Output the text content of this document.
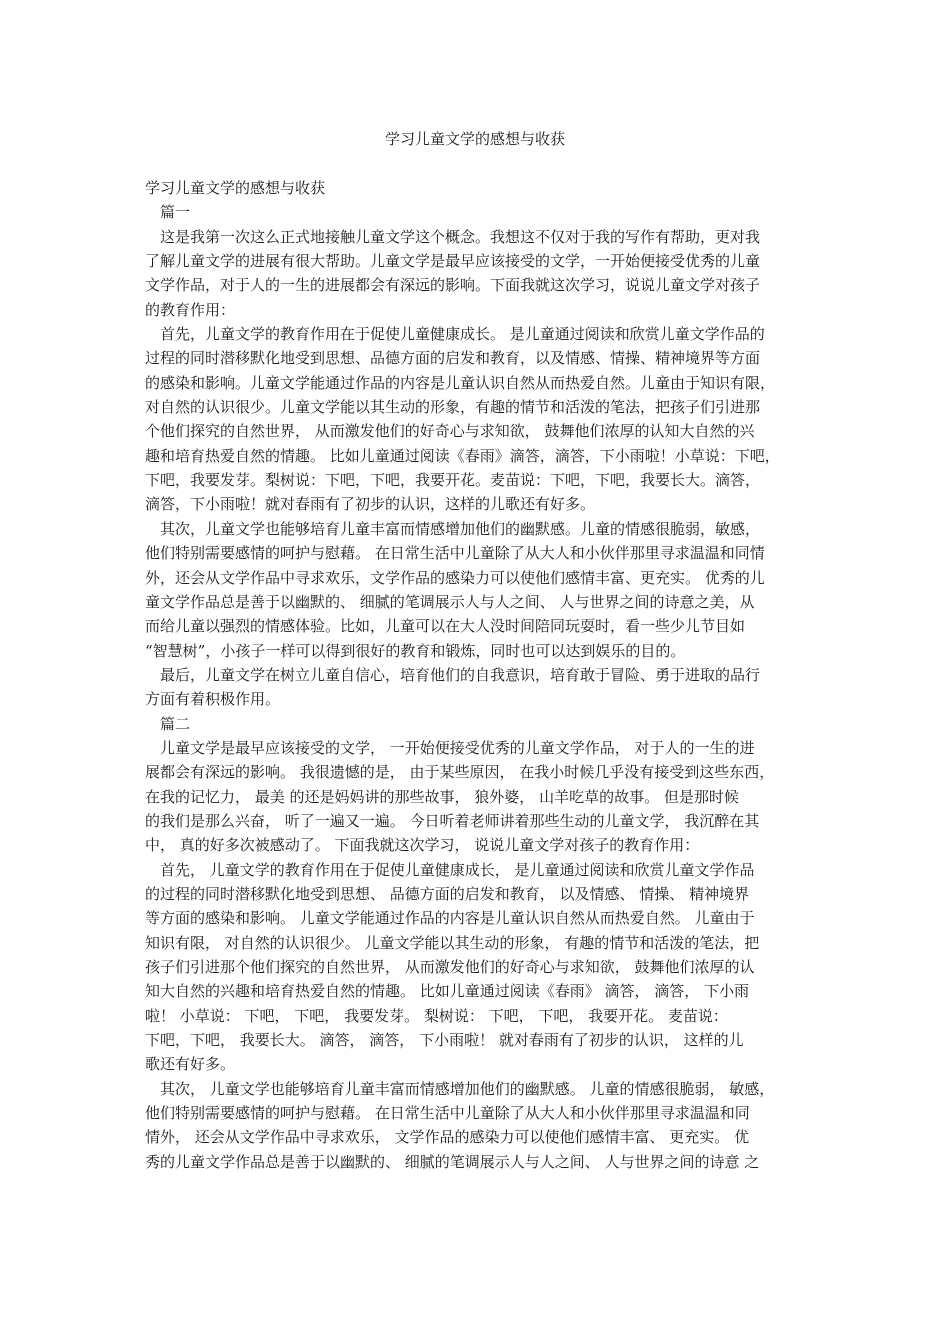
学习儿童文学的感想与收获
学习儿童文学的感想与收获
　篇一
　这是我第一次这么正式地接触儿童文学这个概念。我想这不仅对于我的写作有帮助，更对我
了解儿童文学的进展有很大帮助。儿童文学是最早应该接受的文学，一开始便接受优秀的儿童
文学作品，对于人的一生的进展都会有深远的影响。下面我就这次学习，说说儿童文学对孩子
的教育作用：
　首先，儿童文学的教育作用在于促使儿童健康成长。 是儿童通过阅读和欣赏儿童文学作品的
过程的同时潜移默化地受到思想、品德方面的启发和教育，以及情感、情操、精神境界等方面
的感染和影响。儿童文学能通过作品的内容是儿童认识自然从而热爱自然。儿童由于知识有限，
对自然的认识很少。儿童文学能以其生动的形象，有趣的情节和活泼的笔法，把孩子们引进那
个他们探究的自然世界， 从而激发他们的好奇心与求知欲， 鼓舞他们浓厚的认知大自然的兴
趣和培育热爱自然的情趣。 比如儿童通过阅读《春雨》滴答，滴答，下小雨啦！小草说：下吧，
下吧，我要发芽。梨树说：下吧，下吧，我要开花。麦苗说：下吧，下吧，我要长大。滴答，
滴答，下小雨啦！就对春雨有了初步的认识，这样的儿歌还有好多。
　其次，儿童文学也能够培育儿童丰富而情感增加他们的幽默感。儿童的情感很脆弱，敏感，
他们特别需要感情的呵护与慰藉。 在日常生活中儿童除了从大人和小伙伴那里寻求温温和同情
外，还会从文学作品中寻求欢乐，文学作品的感染力可以使他们感情丰富、更充实。 优秀的儿
童文学作品总是善于以幽默的、 细腻的笔调展示人与人之间、 人与世界之间的诗意之美，从
而给儿童以强烈的情感体验。比如，儿童可以在大人没时间陪同玩耍时，看一些少儿节目如
“智慧树”，小孩子一样可以得到很好的教育和锻炼，同时也可以达到娱乐的目的。
　最后，儿童文学在树立儿童自信心，培育他们的自我意识，培育敢于冒险、勇于进取的品行
方面有着积极作用。
　篇二
　儿童文学是最早应该接受的文学， 一开始便接受优秀的儿童文学作品， 对于人的一生的进
展都会有深远的影响。 我很遗憾的是， 由于某些原因， 在我小时候几乎没有接受到这些东西，
在我的记忆力， 最美 的还是妈妈讲的那些故事， 狼外婆， 山羊吃草的故事。 但是那时候
的我们是那么兴奋， 听了一遍又一遍。 今日听着老师讲着那些生动的儿童文学， 我沉醉在其
中， 真的好多次被感动了。 下面我就这次学习， 说说儿童文学对孩子的教育作用：
　首先， 儿童文学的教育作用在于促使儿童健康成长， 是儿童通过阅读和欣赏儿童文学作品
的过程的同时潜移默化地受到思想、 品德方面的启发和教育， 以及情感、 情操、 精神境界
等方面的感染和影响。 儿童文学能通过作品的内容是儿童认识自然从而热爱自然。 儿童由于
知识有限， 对自然的认识很少。 儿童文学能以其生动的形象， 有趣的情节和活泼的笔法，把
孩子们引进那个他们探究的自然世界， 从而激发他们的好奇心与求知欲， 鼓舞他们浓厚的认
知大自然的兴趣和培育热爱自然的情趣。 比如儿童通过阅读《春雨》 滴答， 滴答， 下小雨
啦！ 小草说： 下吧， 下吧， 我要发芽。 梨树说： 下吧， 下吧， 我要开花。 麦苗说：
下吧，下吧， 我要长大。 滴答， 滴答， 下小雨啦！ 就对春雨有了初步的认识， 这样的儿
歌还有好多。
　其次， 儿童文学也能够培育儿童丰富而情感增加他们的幽默感。 儿童的情感很脆弱， 敏感，
他们特别需要感情的呵护与慰藉。 在日常生活中儿童除了从大人和小伙伴那里寻求温温和同
情外， 还会从文学作品中寻求欢乐， 文学作品的感染力可以使他们感情丰富、 更充实。 优
秀的儿童文学作品总是善于以幽默的、 细腻的笔调展示人与人之间、 人与世界之间的诗意 之
